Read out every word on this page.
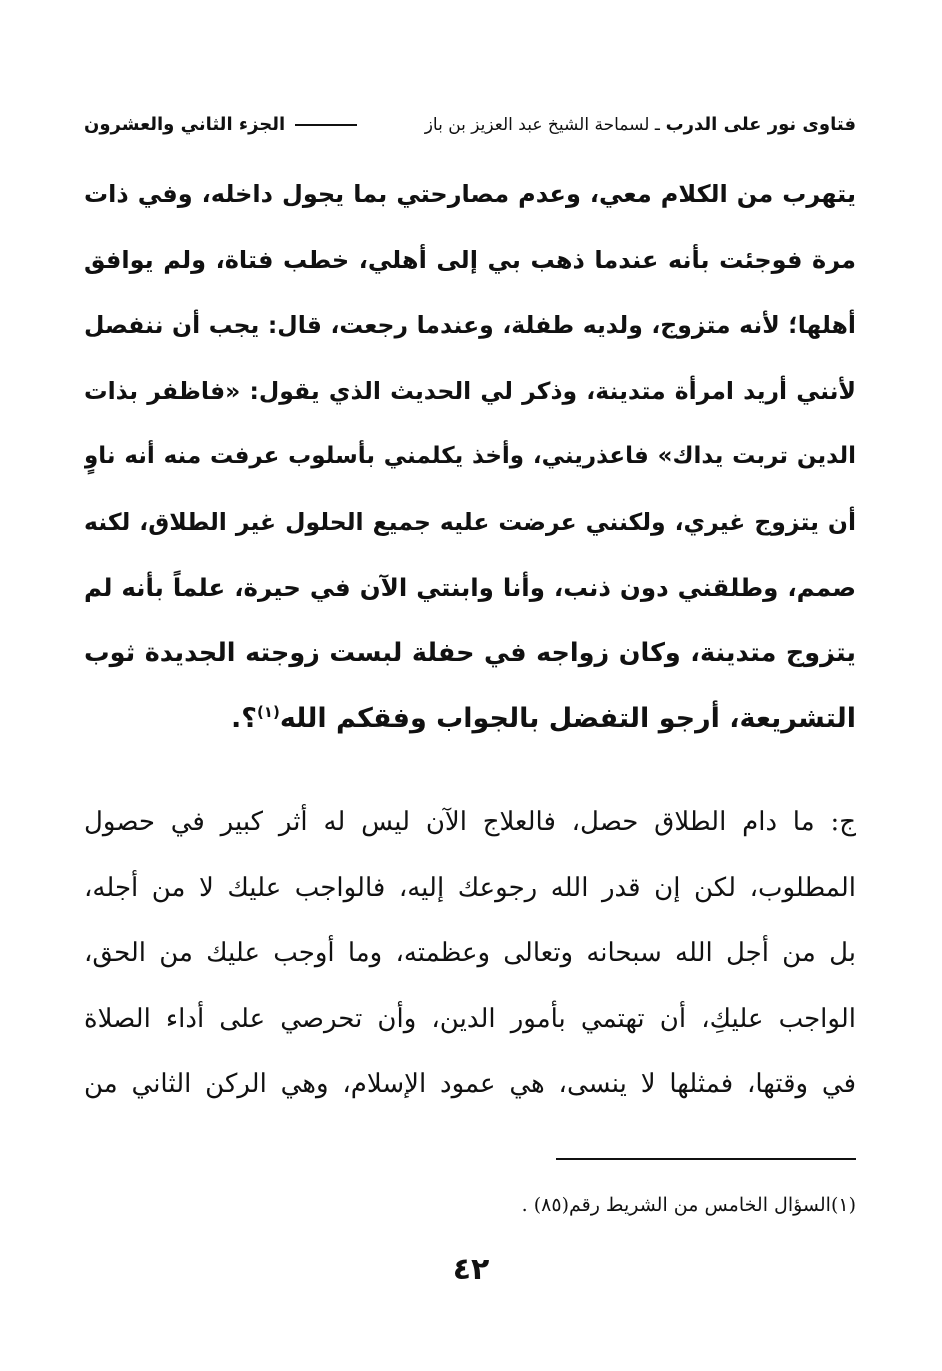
فتاوى نور على الدرب ـ لسماحة الشيخ عبد العزيز بن باز
الجزء الثاني والعشرون
يتهرب من الكلام معي، وعدم مصارحتي بما يجول داخله، وفي ذات
مرة فوجئت بأنه عندما ذهب بي إلى أهلي، خطب فتاة، ولم يوافق
أهلها؛ لأنه متزوج، ولديه طفلة، وعندما رجعت، قال: يجب أن ننفصل
لأنني أريد امرأة متدينة، وذكر لي الحديث الذي يقول: «فاظفر بذات
الدين تربت يداك» فاعذريني، وأخذ يكلمني بأسلوب عرفت منه أنه ناوٍ
أن يتزوج غيري، ولكنني عرضت عليه جميع الحلول غير الطلاق، لكنه
صمم، وطلقني دون ذنب، وأنا وابنتي الآن في حيرة، علماً بأنه لم
يتزوج متدينة، وكان زواجه في حفلة لبست زوجته الجديدة ثوب
التشريعة، أرجو التفضل بالجواب وفقكم الله$^{(١)}$؟.
ج: ما دام الطلاق حصل، فالعلاج الآن ليس له أثر كبير في حصول
المطلوب، لكن إن قدر الله رجوعك إليه، فالواجب عليك لا من أجله،
بل من أجل الله سبحانه وتعالى وعظمته، وما أوجب عليك من الحق،
الواجب عليكِ، أن تهتمي بأمور الدين، وأن تحرصي على أداء الصلاة
في وقتها، فمثلها لا ينسى، هي عمود الإسلام، وهي الركن الثاني من
(١)السؤال الخامس من الشريط رقم(٨٥) .
٤٢
